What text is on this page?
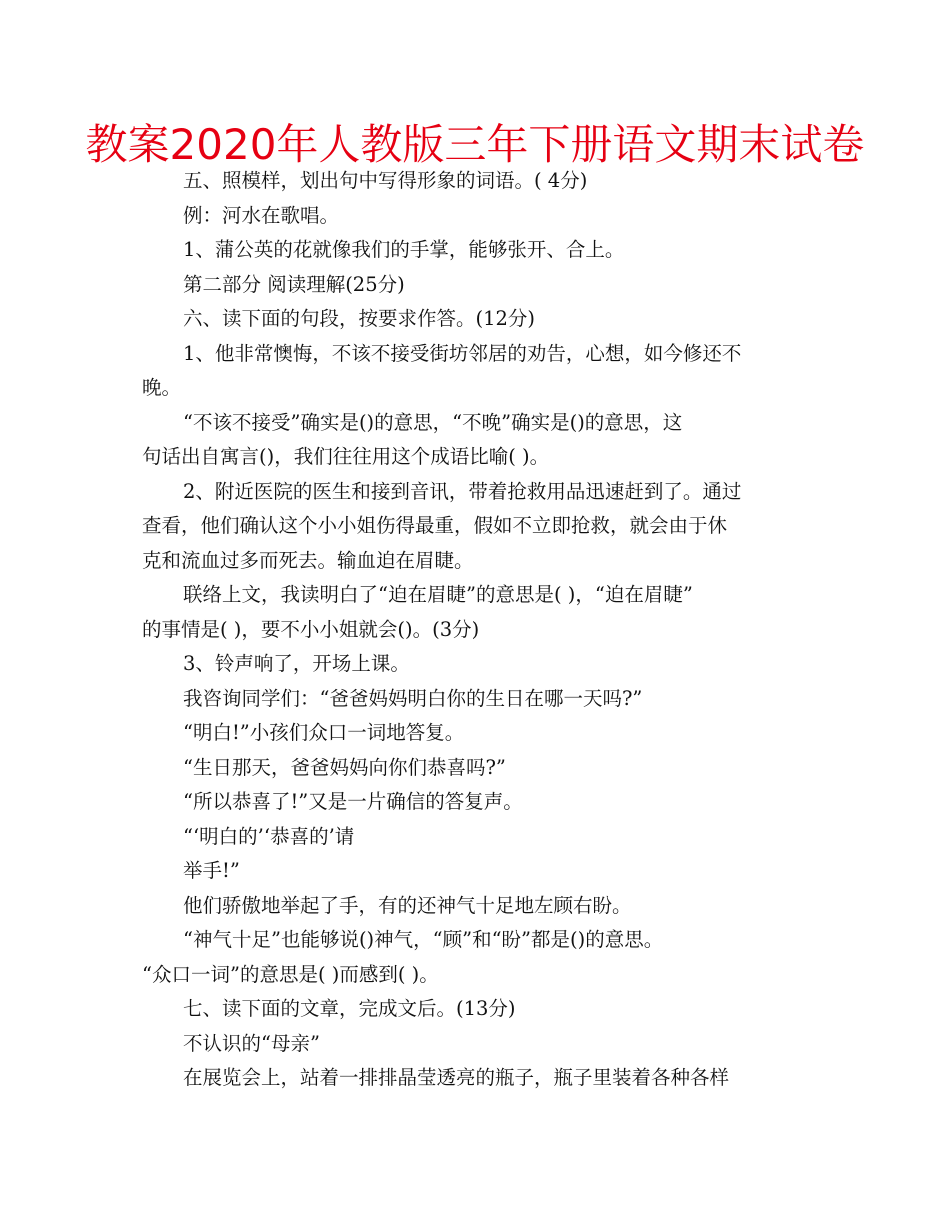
教案2020年人教版三年下册语文期末试卷

五、照模样，划出句中写得形象的词语。( 4分)

例：河水在歌唱。

1、蒲公英的花就像我们的手掌，能够张开、合上。

第二部分 阅读理解(25分)

六、读下面的句段，按要求作答。(12分)

1、他非常懊悔，不该不接受街坊邻居的劝告，心想，如今修还不

晚。

“不该不接受”确实是()的意思，“不晚”确实是()的意思，这

句话出自寓言()，我们往往用这个成语比喻( )。

2、附近医院的医生和接到音讯，带着抢救用品迅速赶到了。通过

查看，他们确认这个小小姐伤得最重，假如不立即抢救，就会由于休

克和流血过多而死去。输血迫在眉睫。

联络上文，我读明白了“迫在眉睫”的意思是( )，“迫在眉睫”

的事情是( )，要不小小姐就会()。(3分)

3、铃声响了，开场上课。

我咨询同学们：“爸爸妈妈明白你的生日在哪一天吗?”

“明白!”小孩们众口一词地答复。

“生日那天，爸爸妈妈向你们恭喜吗?”

“所以恭喜了!”又是一片确信的答复声。

“‘明白的’‘恭喜的’请

举手!”

他们骄傲地举起了手，有的还神气十足地左顾右盼。

“神气十足”也能够说()神气，“顾”和“盼”都是()的意思。

“众口一词”的意思是( )而感到( )。

七、读下面的文章，完成文后。(13分)

不认识的“母亲”

在展览会上，站着一排排晶莹透亮的瓶子，瓶子里装着各种各样
